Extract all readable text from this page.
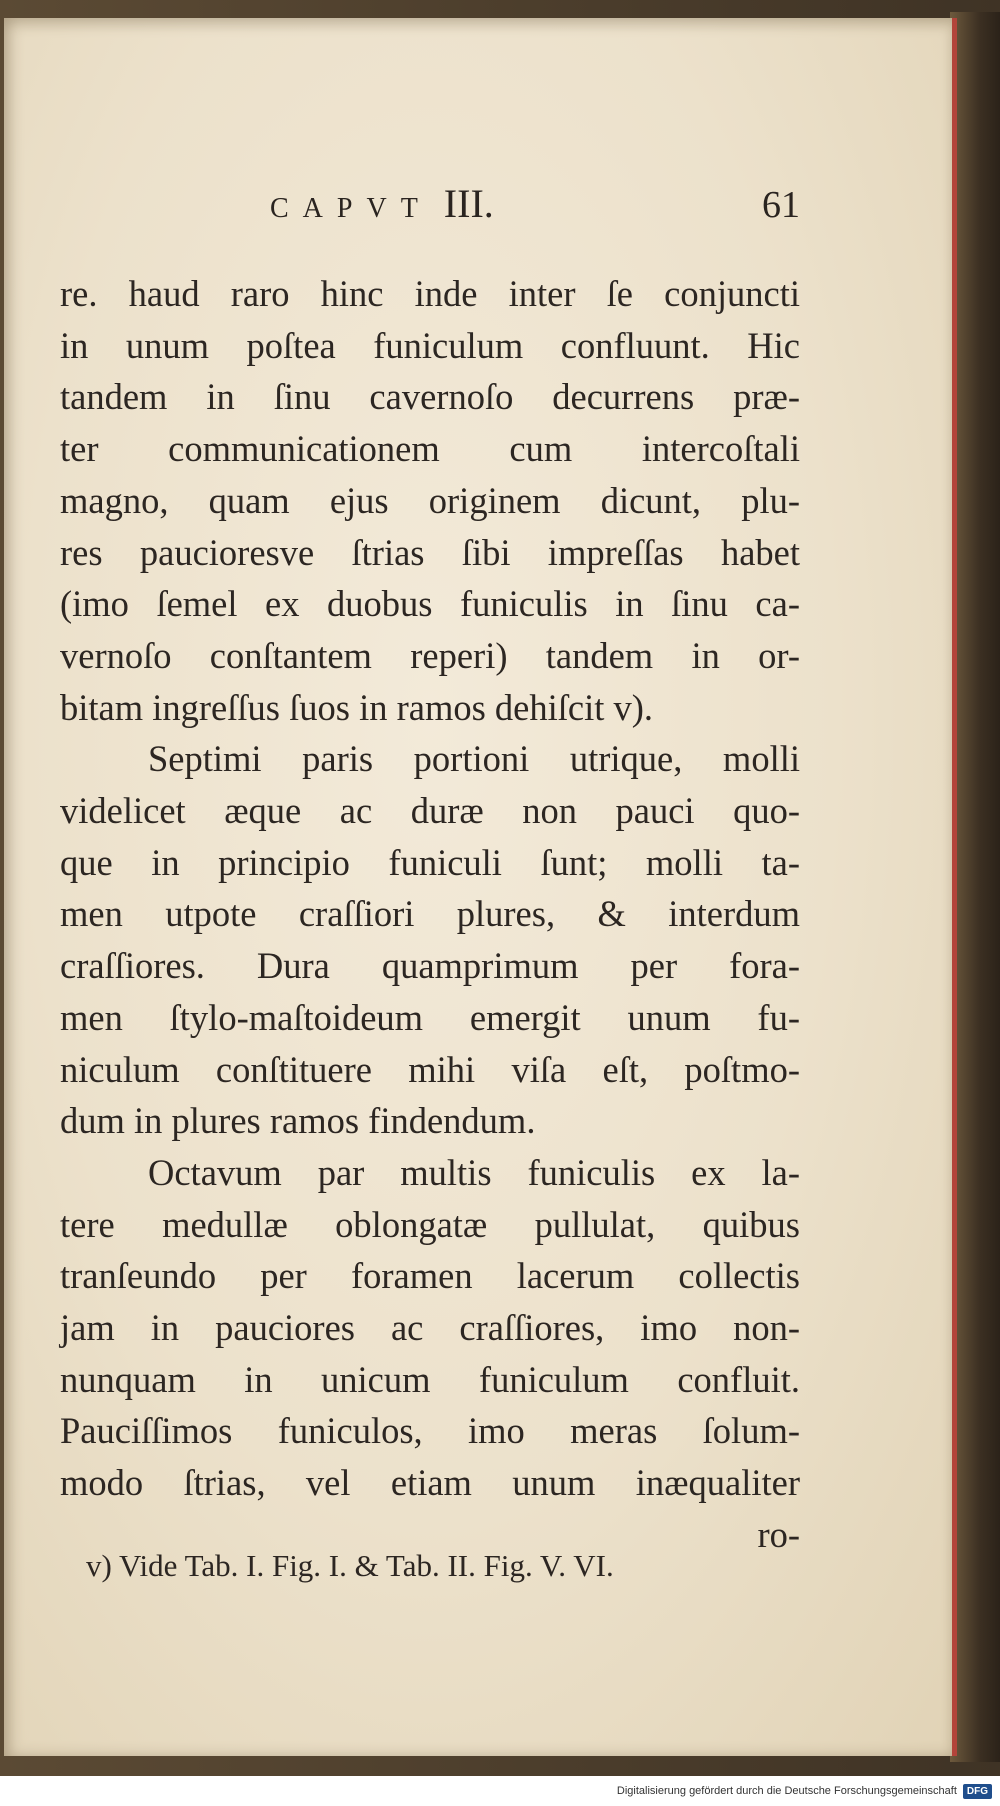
CAPVT III.	61
re. haud raro hinc inde inter ſe conjuncti
in unum poſtea funiculum confluunt. Hic
tandem in ſinu cavernoſo decurrens præ-
ter communicationem cum intercoſtali
magno, quam ejus originem dicunt, plu-
res paucioresve ſtrias ſibi impreſſas habet
(imo ſemel ex duobus funiculis in ſinu ca-
vernoſo conſtantem reperi) tandem in or-
bitam ingreſſus ſuos in ramos dehiſcit v).
Septimi paris portioni utrique, molli
videlicet æque ac duræ non pauci quo-
que in principio funiculi ſunt; molli ta-
men utpote craſſiori plures, & interdum
craſſiores. Dura quamprimum per fora-
men ſtylo-maſtoideum emergit unum fu-
niculum conſtituere mihi viſa eſt, poſtmo-
dum in plures ramos findendum.
Octavum par multis funiculis ex la-
tere medullæ oblongatæ pullulat, quibus
tranſeundo per foramen lacerum collectis
jam in pauciores ac craſſiores, imo non-
nunquam in unicum funiculum confluit.
Pauciſſimos funiculos, imo meras ſolum-
modo ſtrias, vel etiam unum inæqualiter
ro-
v) Vide Tab. I. Fig. I. & Tab. II. Fig. V. VI.
Digitalisierung gefördert durch die Deutsche Forschungsgemeinschaft	DFG
